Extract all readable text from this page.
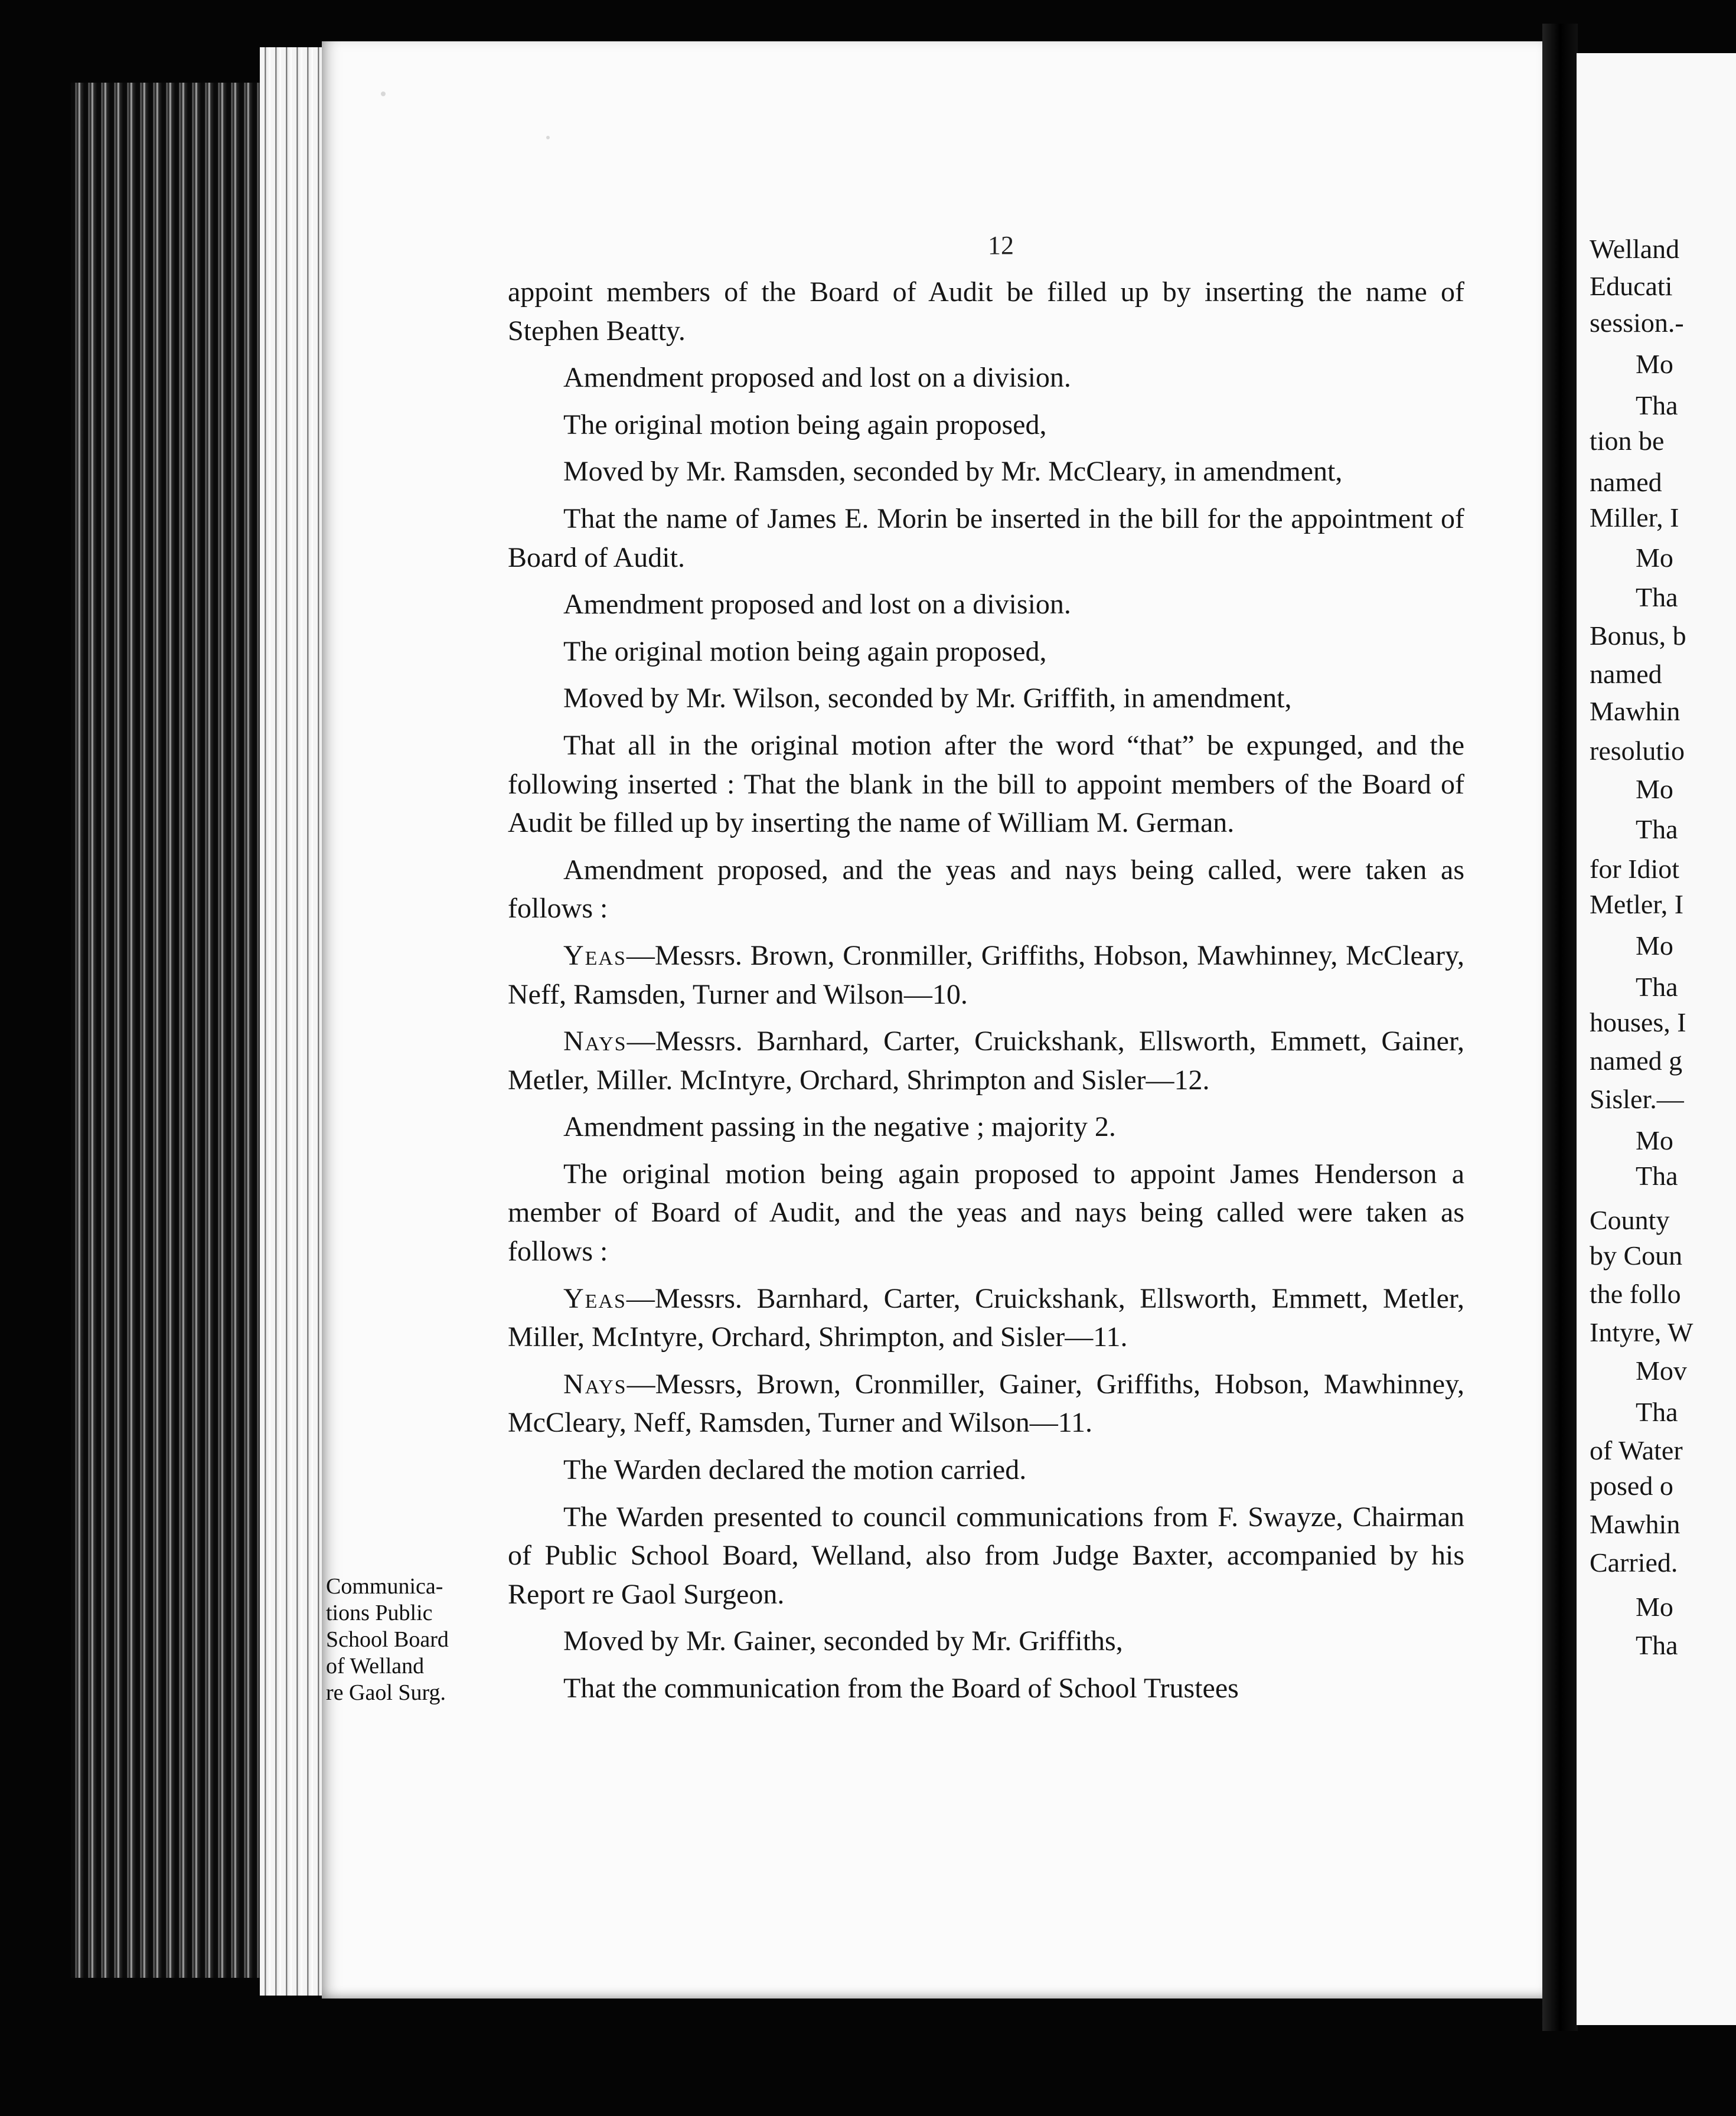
12

appoint members of the Board of Audit be filled up by inserting the name of Stephen Beatty.

Amendment proposed and lost on a division.

The original motion being again proposed,

Moved by Mr. Ramsden, seconded by Mr. McCleary, in amendment,

That the name of James E. Morin be inserted in the bill for the appointment of Board of Audit.

Amendment proposed and lost on a division.

The original motion being again proposed,

Moved by Mr. Wilson, seconded by Mr. Griffith, in amendment,

That all in the original motion after the word “that” be expunged, and the following inserted : That the blank in the bill to appoint members of the Board of Audit be filled up by inserting the name of William M. German.

Amendment proposed, and the yeas and nays being called, were taken as follows :

Yeas—Messrs. Brown, Cronmiller, Griffiths, Hobson, Mawhinney, McCleary, Neff, Ramsden, Turner and Wilson—10.

Nays—Messrs. Barnhard, Carter, Cruickshank, Ellsworth, Emmett, Gainer, Metler, Miller. McIntyre, Orchard, Shrimpton and Sisler—12.

Amendment passing in the negative ; majority 2.

The original motion being again proposed to appoint James Henderson a member of Board of Audit, and the yeas and nays being called were taken as follows :

Yeas—Messrs. Barnhard, Carter, Cruickshank, Ellsworth, Emmett, Metler, Miller, McIntyre, Orchard, Shrimpton, and Sisler—11.

Nays—Messrs, Brown, Cronmiller, Gainer, Griffiths, Hobson, Mawhinney, McCleary, Neff, Ramsden, Turner and Wilson—11.

The Warden declared the motion carried.

The Warden presented to council communications from F. Swayze, Chairman of Public School Board, Welland, also from Judge Baxter, accompanied by his Report re Gaol Surgeon.

Moved by Mr. Gainer, seconded by Mr. Griffiths,

That the communication from the Board of School Trustees

Communica-
tions Public
School Board
of Welland
re Gaol Surg.
Welland
Educati
session.-
Mo
Tha
tion be
named
Miller, I
Mo
Tha
Bonus, b
named
Mawhin
resolutio
Mo
Tha
for Idiot
Metler, I
Mo
Tha
houses, I
named g
Sisler.—
Mo
Tha
County
by Coun
the follo
Intyre, W
Mov
Tha
of Water
posed o
Mawhin
Carried.
Mo
Tha
